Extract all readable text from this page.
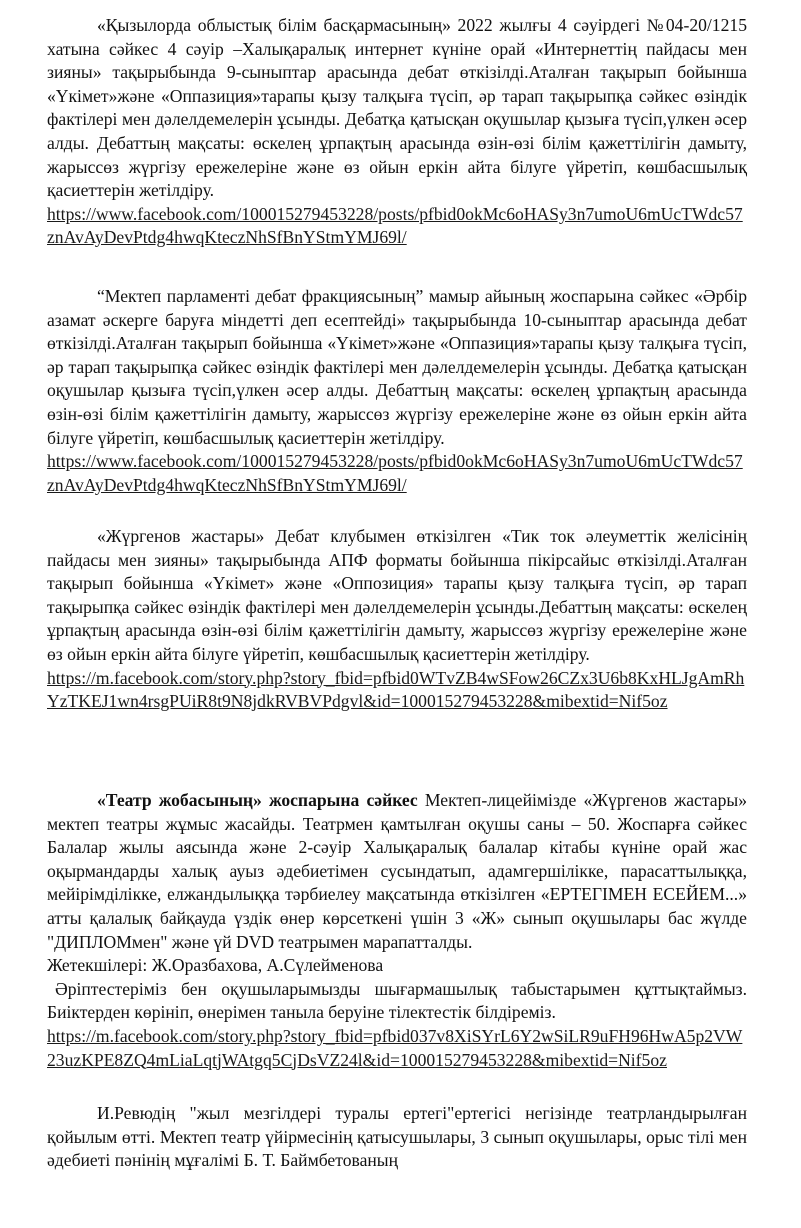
«Қызылорда облыстық білім басқармасының» 2022 жылғы 4 сәуірдегі №04-20/1215 хатына сәйкес 4 сәуір –Халықаралық интернет күніне орай «Интернеттің пайдасы мен зияны» тақырыбында 9-сыныптар арасында дебат өткізілді.Аталған тақырып бойынша «Үкімет»және «Оппазиция»тарапы қызу талқыға түсіп, әр тарап тақырыпқа сәйкес өзіндік фактілері мен дәлелдемелерін ұсынды. Дебатқа қатысқан оқушылар қызыға түсіп,үлкен әсер алды. Дебаттың мақсаты: өскелең ұрпақтың арасында өзін-өзі білім қажеттілігін дамыту, жарыссөз жүргізу ережелеріне және өз ойын еркін айта білуге үйретіп, көшбасшылық қасиеттерін жетілдіру.
https://www.facebook.com/100015279453228/posts/pfbid0okMc6oHASy3n7umoU6mUcTWdc57znAvAyDevPtdg4hwqKteczNhSfBnYStmYMJ69l/
“Мектеп парламенті дебат фракциясының” мамыр айының жоспарына сәйкес «Әрбір азамат әскерге баруға міндетті деп есептейді» тақырыбында 10-сыныптар арасында дебат өткізілді.Аталған тақырып бойынша «Үкімет»және «Оппазиция»тарапы қызу талқыға түсіп, әр тарап тақырыпқа сәйкес өзіндік фактілері мен дәлелдемелерін ұсынды. Дебатқа қатысқан оқушылар қызыға түсіп,үлкен әсер алды. Дебаттың мақсаты: өскелең ұрпақтың арасында өзін-өзі білім қажеттілігін дамыту, жарыссөз жүргізу ережелеріне және өз ойын еркін айта білуге үйретіп, көшбасшылық қасиеттерін жетілдіру.
https://www.facebook.com/100015279453228/posts/pfbid0okMc6oHASy3n7umoU6mUcTWdc57znAvAyDevPtdg4hwqKteczNhSfBnYStmYMJ69l/
«Жүргенов жастары» Дебат клубымен өткізілген «Тик ток әлеуметтік желісінің пайдасы мен зияны» тақырыбында АПФ форматы бойынша пікірсайыс өткізілді.Аталған тақырып бойынша «Үкімет» және «Оппозиция» тарапы қызу талқыға түсіп, әр тарап тақырыпқа сәйкес өзіндік фактілері мен дәлелдемелерін ұсынды.Дебаттың мақсаты: өскелең ұрпақтың арасында өзін-өзі білім қажеттілігін дамыту, жарыссөз жүргізу ережелеріне және өз ойын еркін айта білуге үйретіп, көшбасшылық қасиеттерін жетілдіру.
https://m.facebook.com/story.php?story_fbid=pfbid0WTvZB4wSFow26CZx3U6b8KxHLJgAmRhYzTKEJ1wn4rsgPUiR8t9N8jdkRVBVPdgvl&id=100015279453228&mibextid=Nif5oz
«Театр жобасының» жоспарына сәйкес Мектеп-лицейімізде «Жүргенов жастары» мектеп театры жұмыс жасайды. Театрмен қамтылған оқушы саны – 50. Жоспарға сәйкес Балалар жылы аясында және 2-сәуір Халықаралық балалар кітабы күніне орай жас оқырмандарды халық ауыз әдебиетімен сусындатып, адамгершілікке, парасаттылыққа, мейірімділікке, елжандылыққа тәрбиелеу мақсатында өткізілген «ЕРТЕГІМЕН ЕСЕЙЕМ...» атты қалалық байқауда үздік өнер көрсеткені үшін 3 «Ж» сынып оқушылары бас жүлде "ДИПЛОМмен" және үй DVD театрымен марапатталды.
Жетекшілері: Ж.Оразбахова, А.Сүлейменова
Әріптестеріміз бен оқушыларымызды шығармашылық табыстарымен құттықтаймыз. Биіктерден көрініп, өнерімен танылa беруіне тілектестік білдіреміз.
https://m.facebook.com/story.php?story_fbid=pfbid037v8XiSYrL6Y2wSiLR9uFH96HwA5p2VW23uzKPE8ZQ4mLiaLqtjWAtgq5CjDsVZ24l&id=100015279453228&mibextid=Nif5oz
И.Ревюдің "жыл мезгілдері туралы ертегі"ертегісі негізінде театрландырылған қойылым өтті. Мектеп театр үйірмесінің қатысушылары, 3 сынып оқушылары, орыс тілі мен әдебиеті пәнінің мұғалімі Б. Т. Баймбетованың
